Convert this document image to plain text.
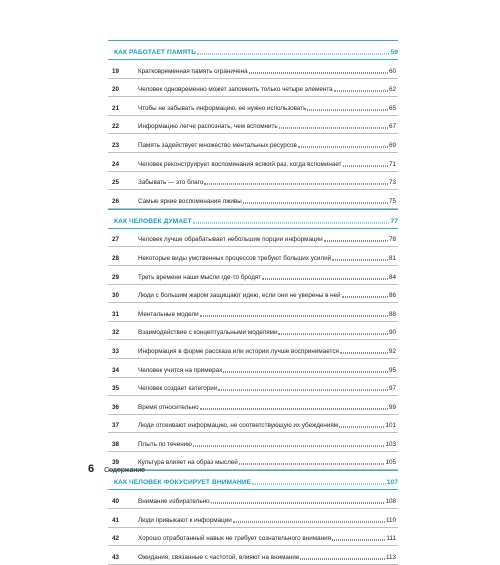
КАК РАБОТАЕТ ПАМЯТЬ	59
19	Кратковременная память ограничена	60
20	Человек одновременно может запомнить только четыре элемента	62
21	Чтобы не забывать информацию, ее нужно использовать	65
22	Информацию легче распознать, чем вспомнить	67
23	Память задействует множество ментальных ресурсов	69
24	Человек реконструирует воспоминания всякий раз, когда вспоминает	71
25	Забывать — это благо	73
26	Самые яркие воспоминания лживы	75
КАК ЧЕЛОВЕК ДУМАЕТ	77
27	Человек лучше обрабатывает небольшие порции информации	78
28	Некоторые виды умственных процессов требуют больших усилий	81
29	Треть времени наши мысли где-то бродят	84
30	Люди с большим жаром защищают идею, если они не уверены в ней	86
31	Ментальные модели	88
32	Взаимодействие с концептуальными моделями	90
33	Информация в форме рассказа или истории лучше воспринимается	92
34	Человек учится на примерах	95
35	Человек создает категории	97
36	Время относительно	99
37	Люди отсеивают информацию, не соответствующую их убеждениям	101
38	Плыть по течению	103
39	Культура влияет на образ мыслей	105
КАК ЧЕЛОВЕК ФОКУСИРУЕТ ВНИМАНИЕ	107
40	Внимание избирательно	108
41	Люди привыкают к информации	110
42	Хорошо отработанный навык не требует сознательного внимания	111
43	Ожидания, связанные с частотой, влияют на внимание	113
6 Содержание
